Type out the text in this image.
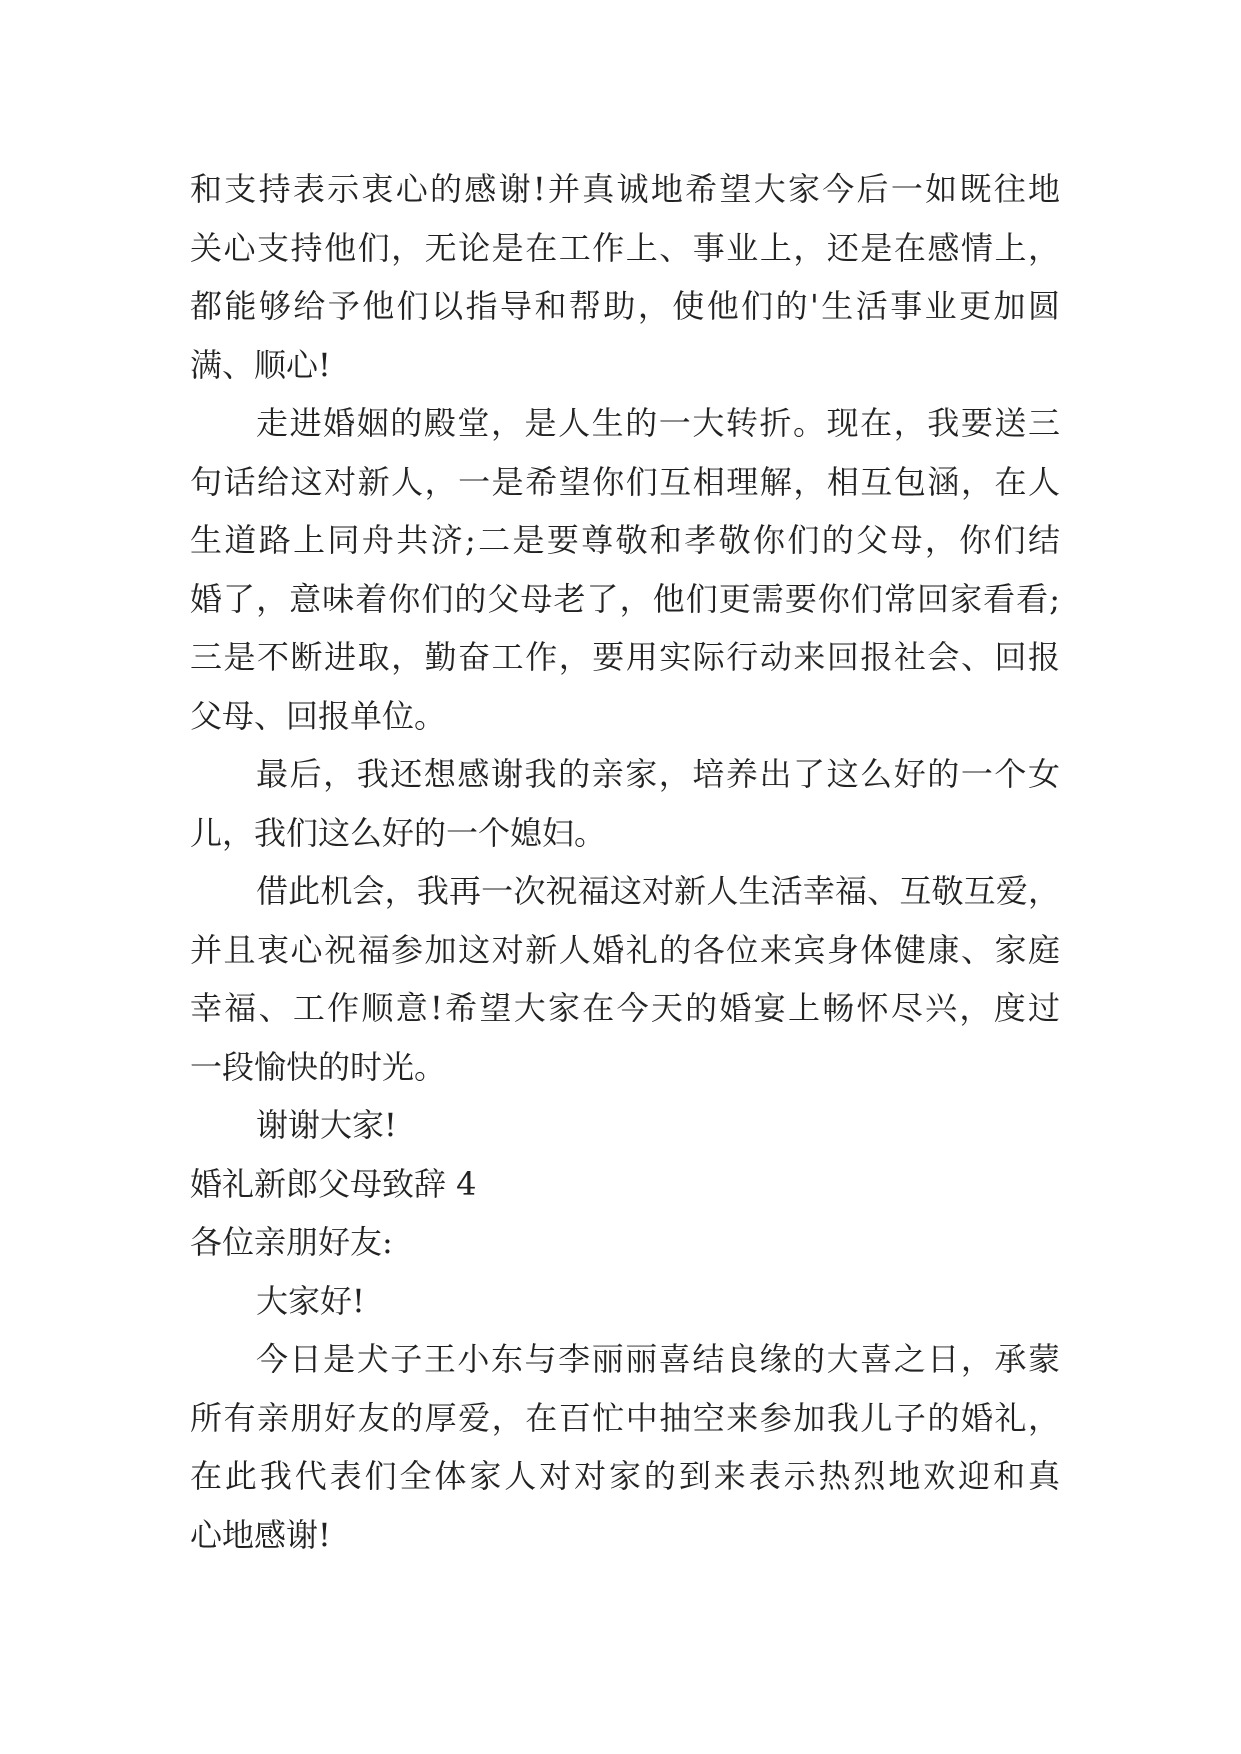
和支持表示衷心的感谢!并真诚地希望大家今后一如既往地
关心支持他们，无论是在工作上、事业上，还是在感情上，
都能够给予他们以指导和帮助，使他们的'生活事业更加圆
满、顺心!
走进婚姻的殿堂，是人生的一大转折。现在，我要送三
句话给这对新人，一是希望你们互相理解，相互包涵，在人
生道路上同舟共济;二是要尊敬和孝敬你们的父母，你们结
婚了，意味着你们的父母老了，他们更需要你们常回家看看;
三是不断进取，勤奋工作，要用实际行动来回报社会、回报
父母、回报单位。
最后，我还想感谢我的亲家，培养出了这么好的一个女
儿，我们这么好的一个媳妇。
借此机会，我再一次祝福这对新人生活幸福、互敬互爱，
并且衷心祝福参加这对新人婚礼的各位来宾身体健康、家庭
幸福、工作顺意!希望大家在今天的婚宴上畅怀尽兴，度过
一段愉快的时光。
谢谢大家!
婚礼新郎父母致辞 4
各位亲朋好友:
大家好!
今日是犬子王小东与李丽丽喜结良缘的大喜之日，承蒙
所有亲朋好友的厚爱，在百忙中抽空来参加我儿子的婚礼，
在此我代表们全体家人对对家的到来表示热烈地欢迎和真
心地感谢!
